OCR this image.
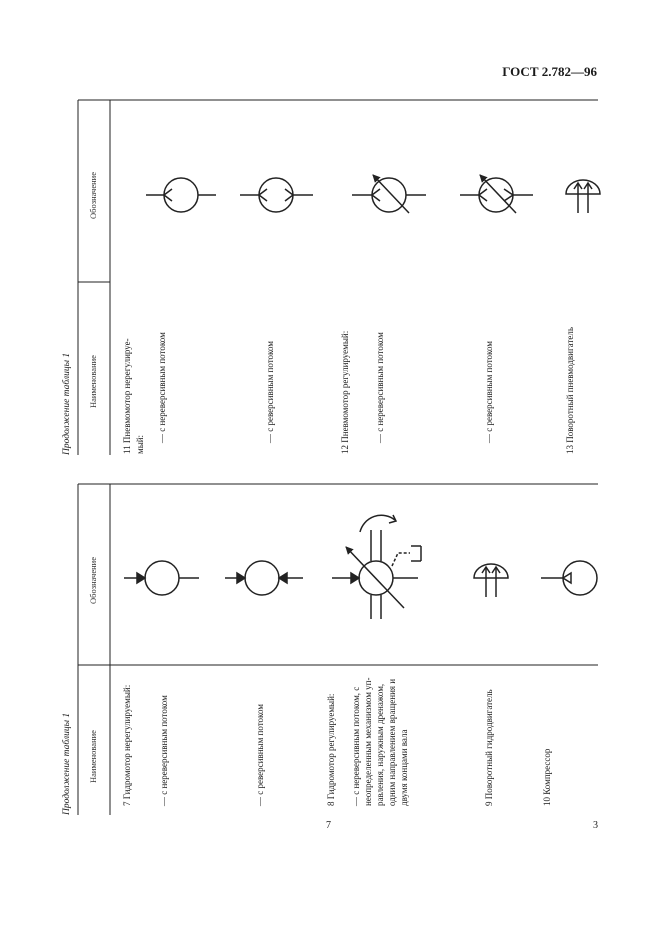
ГОСТ 2.782—96
Продолжение таблицы 1 Наименование
Обозначение
11 Пневмомотор нерегулируе- мый:
— с нереверсивным потоком	— с реверсивным потоком	12 Пневмомотор регулируемый:	— с нереверсивным потоком	— с реверсивным потоком	13 Поворотный пневмодвигатель
Продолжение таблицы 1 Наименование
Обозначение
7 Гидромотор нерегулируемый:	— с нереверсивным потоком	— с реверсивным потоком	8 Гидромотор регулируемый: — с нереверсивным потоком, с неопределенным механизмом уп- равления, наружным дренажом, одним направлением вращения и двумя концами вала	9 Поворотный гидродвигатель	10 Компрессор
7	3
